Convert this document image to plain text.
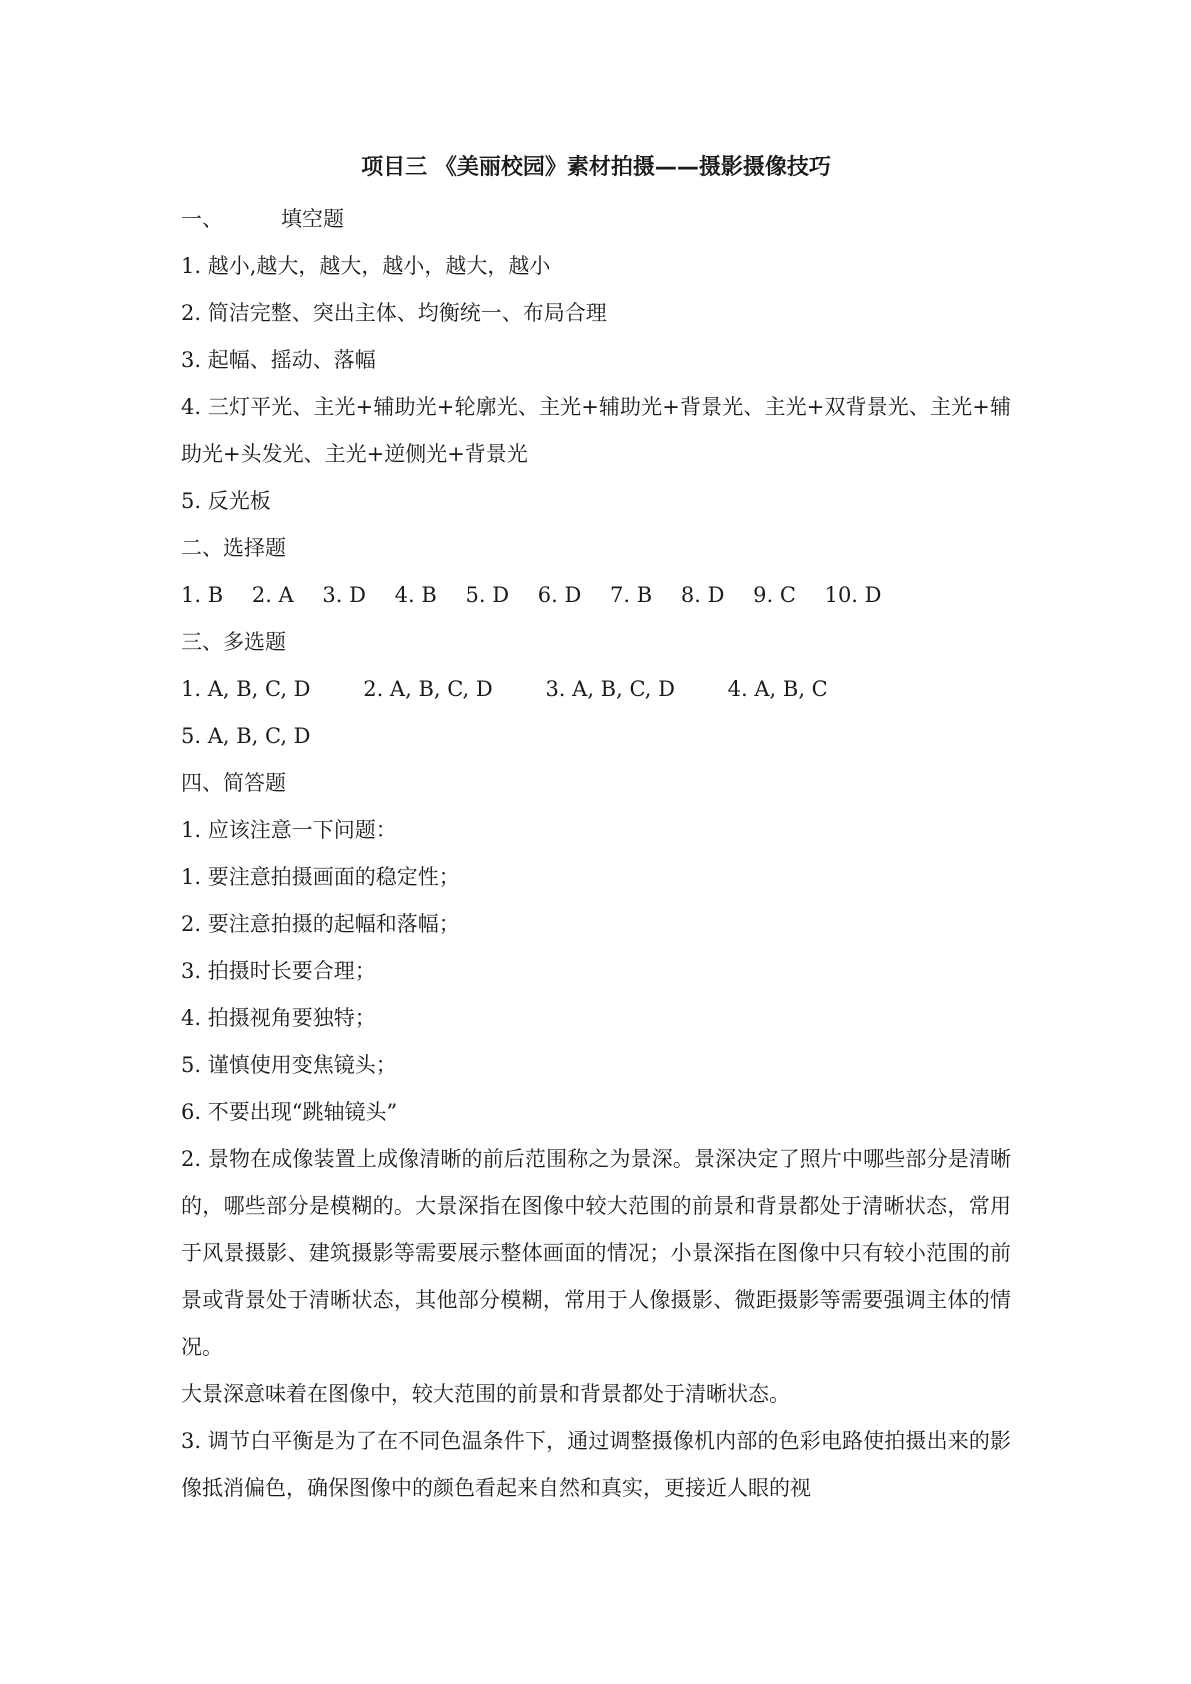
项目三 《美丽校园》素材拍摄——摄影摄像技巧
一、	填空题
1. 越小,越大，越大，越小，越大，越小
2. 简洁完整、突出主体、均衡统一、布局合理
3. 起幅、摇动、落幅
4. 三灯平光、主光+辅助光+轮廓光、主光+辅助光+背景光、主光+双背景光、主光+辅助光+头发光、主光+逆侧光+背景光
5. 反光板
二、选择题
1. B 2. A 3. D 4. B 5. D 6. D 7. B 8. D 9. C 10. D
三、多选题
1. A, B, C, D	2. A, B, C, D	3. A, B, C, D	4. A, B, C
5. A, B, C, D
四、简答题
1. 应该注意一下问题：
1. 要注意拍摄画面的稳定性；
2. 要注意拍摄的起幅和落幅；
3. 拍摄时长要合理；
4. 拍摄视角要独特；
5. 谨慎使用变焦镜头；
6. 不要出现“跳轴镜头”
2. 景物在成像装置上成像清晰的前后范围称之为景深。景深决定了照片中哪些部分是清晰的，哪些部分是模糊的。大景深指在图像中较大范围的前景和背景都处于清晰状态，常用于风景摄影、建筑摄影等需要展示整体画面的情况；小景深指在图像中只有较小范围的前景或背景处于清晰状态，其他部分模糊，常用于人像摄影、微距摄影等需要强调主体的情况。
大景深意味着在图像中，较大范围的前景和背景都处于清晰状态。
3. 调节白平衡是为了在不同色温条件下，通过调整摄像机内部的色彩电路使拍摄出来的影像抵消偏色，确保图像中的颜色看起来自然和真实，更接近人眼的视
